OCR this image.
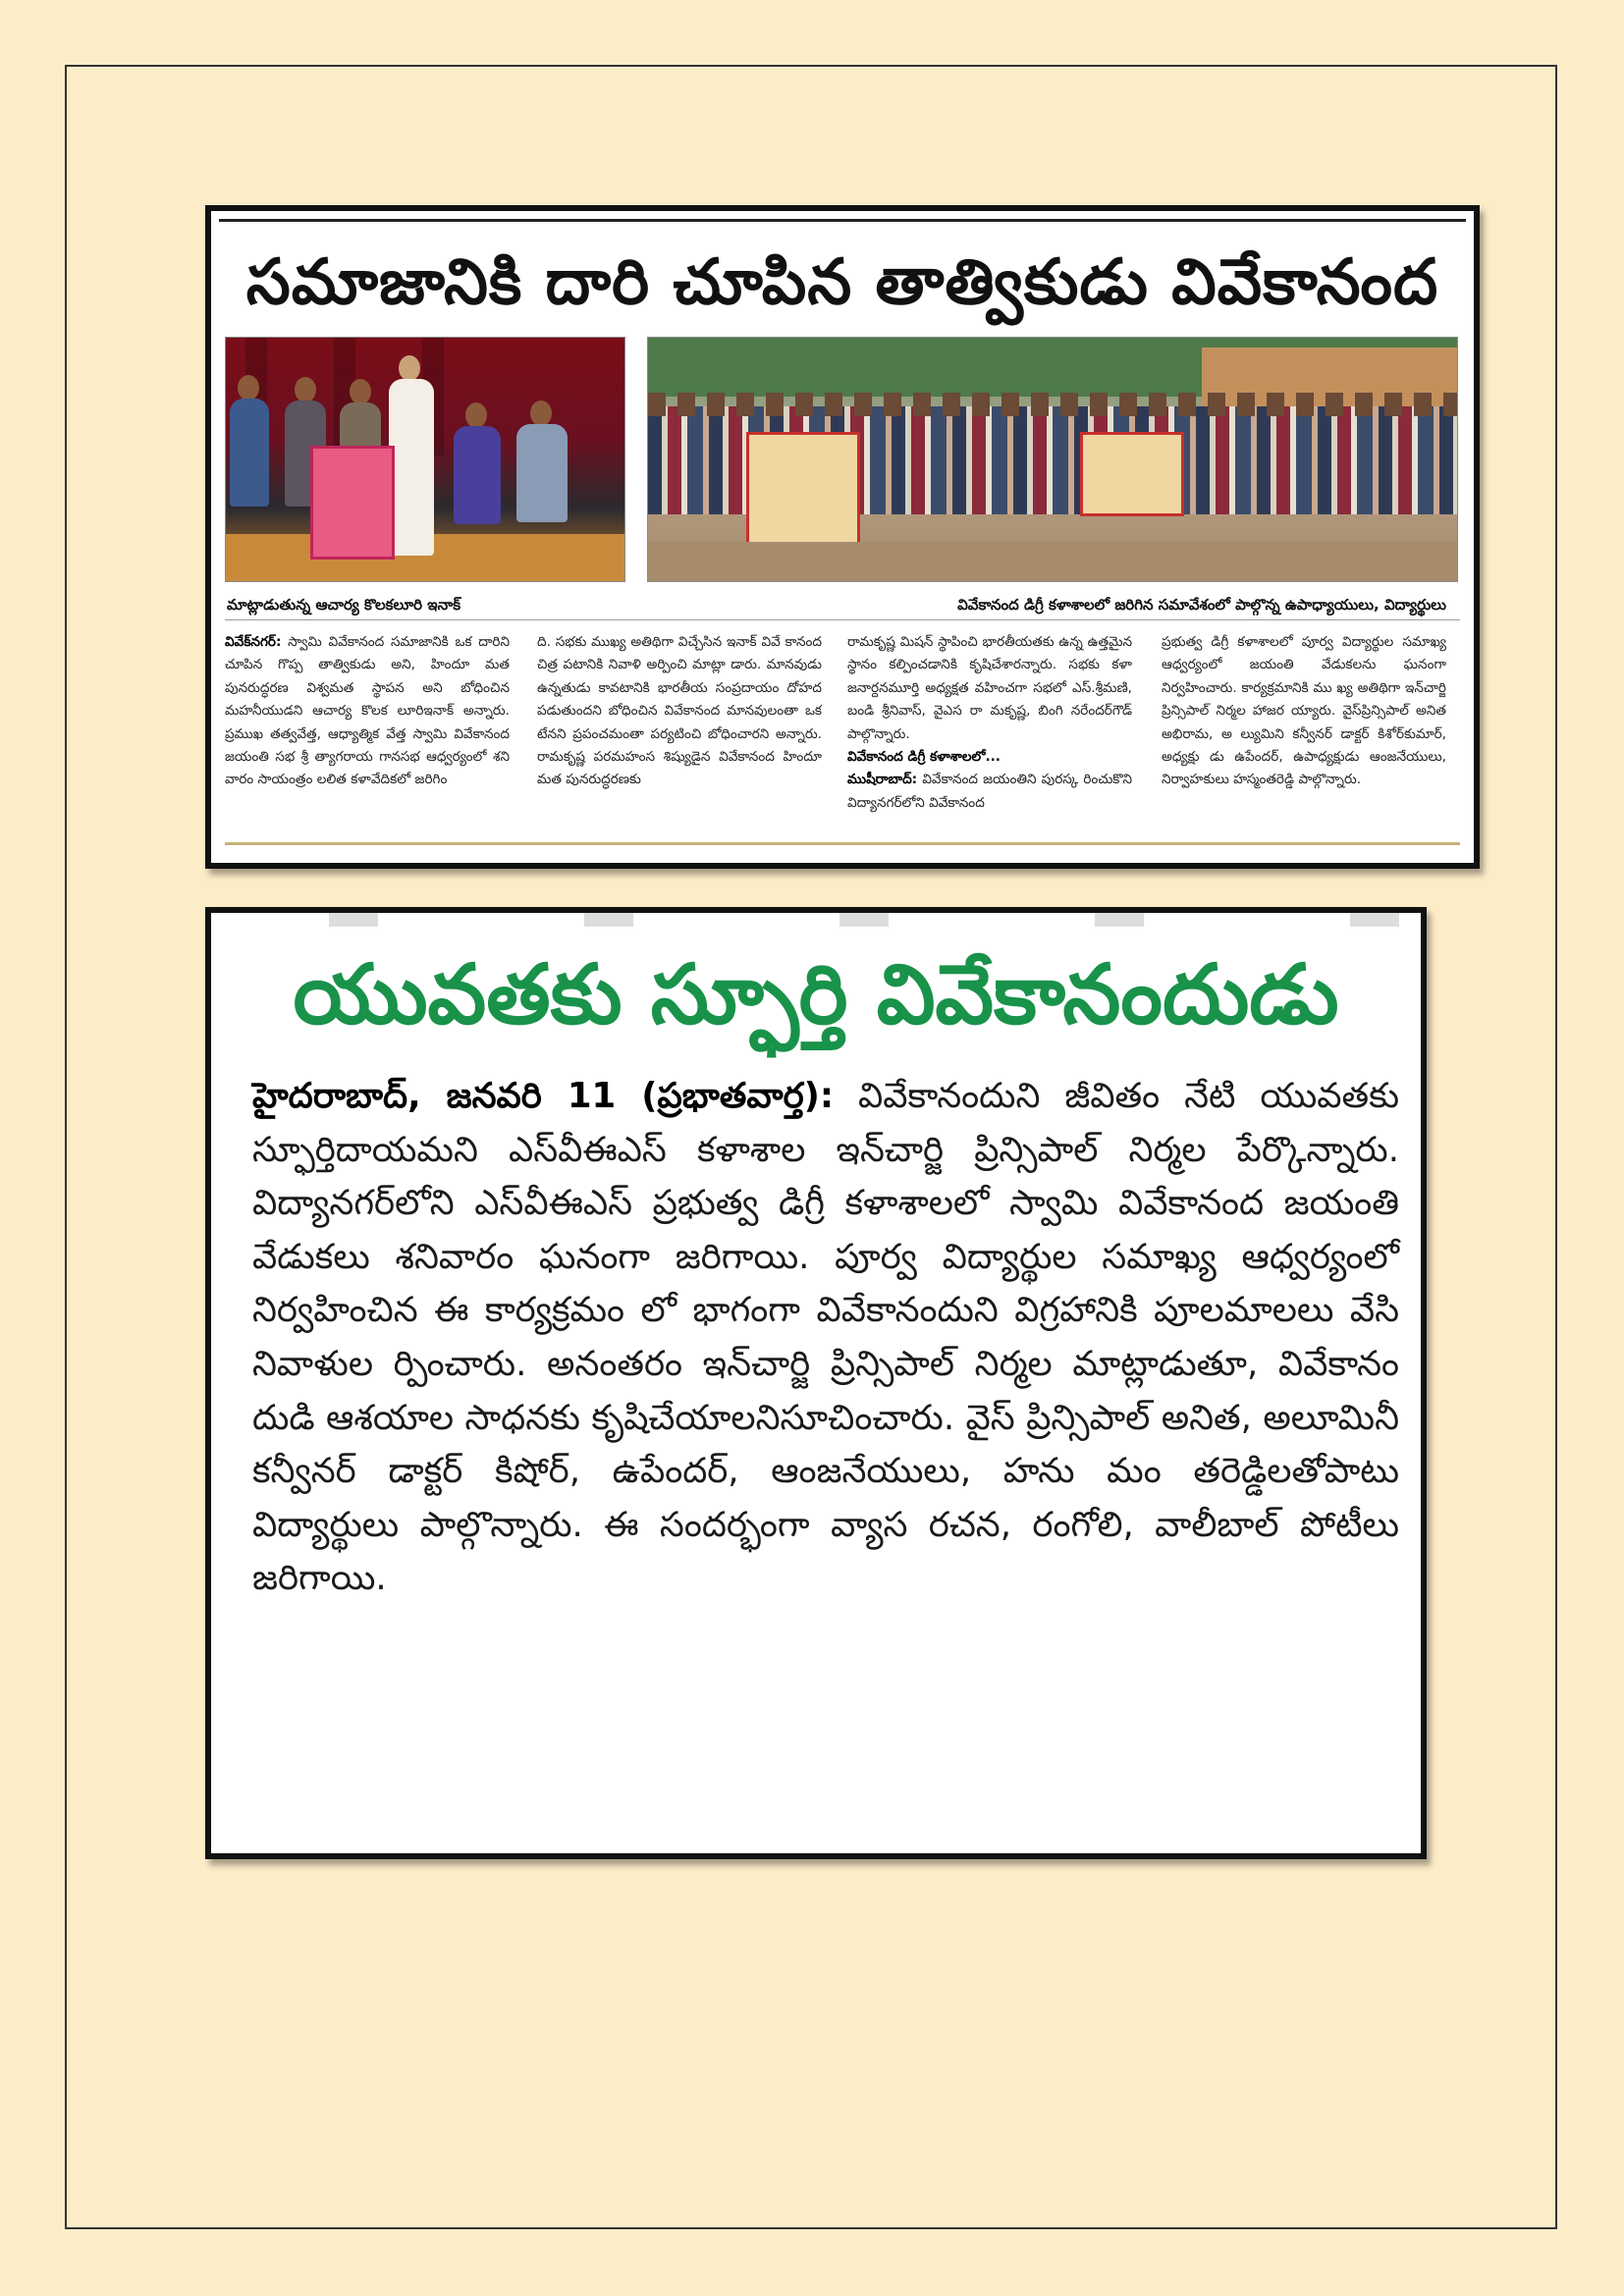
సమాజానికి దారి చూపిన తాత్వికుడు వివేకానంద
మాట్లాడుతున్న ఆచార్య కొలకలూరి ఇనాక్	వివేకానంద డిగ్రీ కళాశాలలో జరిగిన సమావేశంలో పాల్గొన్న ఉపాధ్యాయులు, విద్యార్థులు
వివేక్‌నగర్: స్వామి వివేకానంద సమాజానికి ఒక దారిని చూపిన గొప్ప తాత్వికుడు అని, హిందూ మత పునరుద్ధరణ విశ్వమత స్థాపన అని బోధించిన మహనీయుడని ఆచార్య కొలక లూరిఇనాక్ అన్నారు. ప్రముఖ తత్వవేత్త, ఆధ్యాత్మిక వేత్త స్వామి వివేకానంద జయంతి సభ శ్రీ త్యాగరాయ గానసభ ఆధ్వర్యంలో శని వారం సాయంత్రం లలిత కళావేదికలో జరిగిం
ది. సభకు ముఖ్య అతిథిగా విచ్చేసిన ఇనాక్ వివే కానంద చిత్ర పటానికి నివాళి అర్పించి మాట్లా డారు. మానవుడు ఉన్నతుడు కావటానికి భారతీయ సంప్రదాయం దోహద పడుతుందని బోధించిన వివేకానంద మానవులంతా ఒక టేనని ప్రపంచమంతా పర్యటించి బోధించారని అన్నారు. రామకృష్ణ పరమహంస శిష్యుడైన వివేకానంద హిందూ మత పునరుద్ధరణకు
రామకృష్ణ మిషన్ స్థాపించి భారతీయతకు ఉన్న ఉత్తమైన స్థానం కల్పించడానికి కృషిచేశారన్నారు. సభకు కళా జనార్దనమూర్తి అధ్యక్షత వహించగా సభలో ఎస్.శ్రీమణి, బండి శ్రీనివాస్, వైఎస రా మకృష్ణ, బింగి నరేందర్‌గౌడ్ పాల్గొన్నారు.
వివేకానంద డిగ్రీ కళాశాలలో...
ముషీరాబాద్: వివేకానంద జయంతిని పురస్క రించుకొని విద్యానగర్‌లోని వివేకానంద
ప్రభుత్వ డిగ్రీ కళాశాలలో పూర్వ విద్యార్థుల సమాఖ్య ఆధ్వర్యంలో జయంతి వేడుకలను ఘనంగా నిర్వహించారు. కార్యక్రమానికి ము ఖ్య అతిథిగా ఇన్‌చార్జి ప్రిన్సిపాల్ నిర్మల హాజర య్యారు. వైస్‌ప్రిన్సిపాల్ అనిత అభిరామ, అ ల్యుమిని కన్వీనర్ డాక్టర్ కిశోర్‌కుమార్, అధ్యక్షు డు ఉపేందర్, ఉపాధ్యక్షుడు ఆంజనేయులు, నిర్వాహకులు హస్మంతరెడ్డి పాల్గొన్నారు.
యువతకు స్ఫూర్తి వివేకానందుడు
హైదరాబాద్, జనవరి 11 (ప్రభాతవార్త): వివేకానందుని జీవితం నేటి యువతకు స్ఫూర్తిదాయమని ఎస్‌వీఈఎస్ కళాశాల ఇన్‌చార్జి ప్రిన్సిపాల్ నిర్మల పేర్కొన్నారు. విద్యానగర్‌లోని ఎస్‌వీఈఎస్ ప్రభుత్వ డిగ్రీ కళాశాలలో స్వామి వివేకానంద జయంతి వేడుకలు శనివారం ఘనంగా జరిగాయి. పూర్వ విద్యార్థుల సమాఖ్య ఆధ్వర్యంలో నిర్వహించిన ఈ కార్యక్రమం లో భాగంగా వివేకానందుని విగ్రహానికి పూలమాలలు వేసి నివాళుల ర్పించారు. అనంతరం ఇన్‌చార్జి ప్రిన్సిపాల్ నిర్మల మాట్లాడుతూ, వివేకానం దుడి ఆశయాల సాధనకు కృషిచేయాలనిసూచించారు. వైస్ ప్రిన్సిపాల్ అనిత, అలూమినీ కన్వీనర్ డాక్టర్ కిషోర్, ఉపేందర్, ఆంజనేయులు, హను మం తరెడ్డిలతోపాటు విద్యార్థులు పాల్గొన్నారు. ఈ సందర్భంగా వ్యాస రచన, రంగోలి, వాలీబాల్ పోటీలు జరిగాయి.
